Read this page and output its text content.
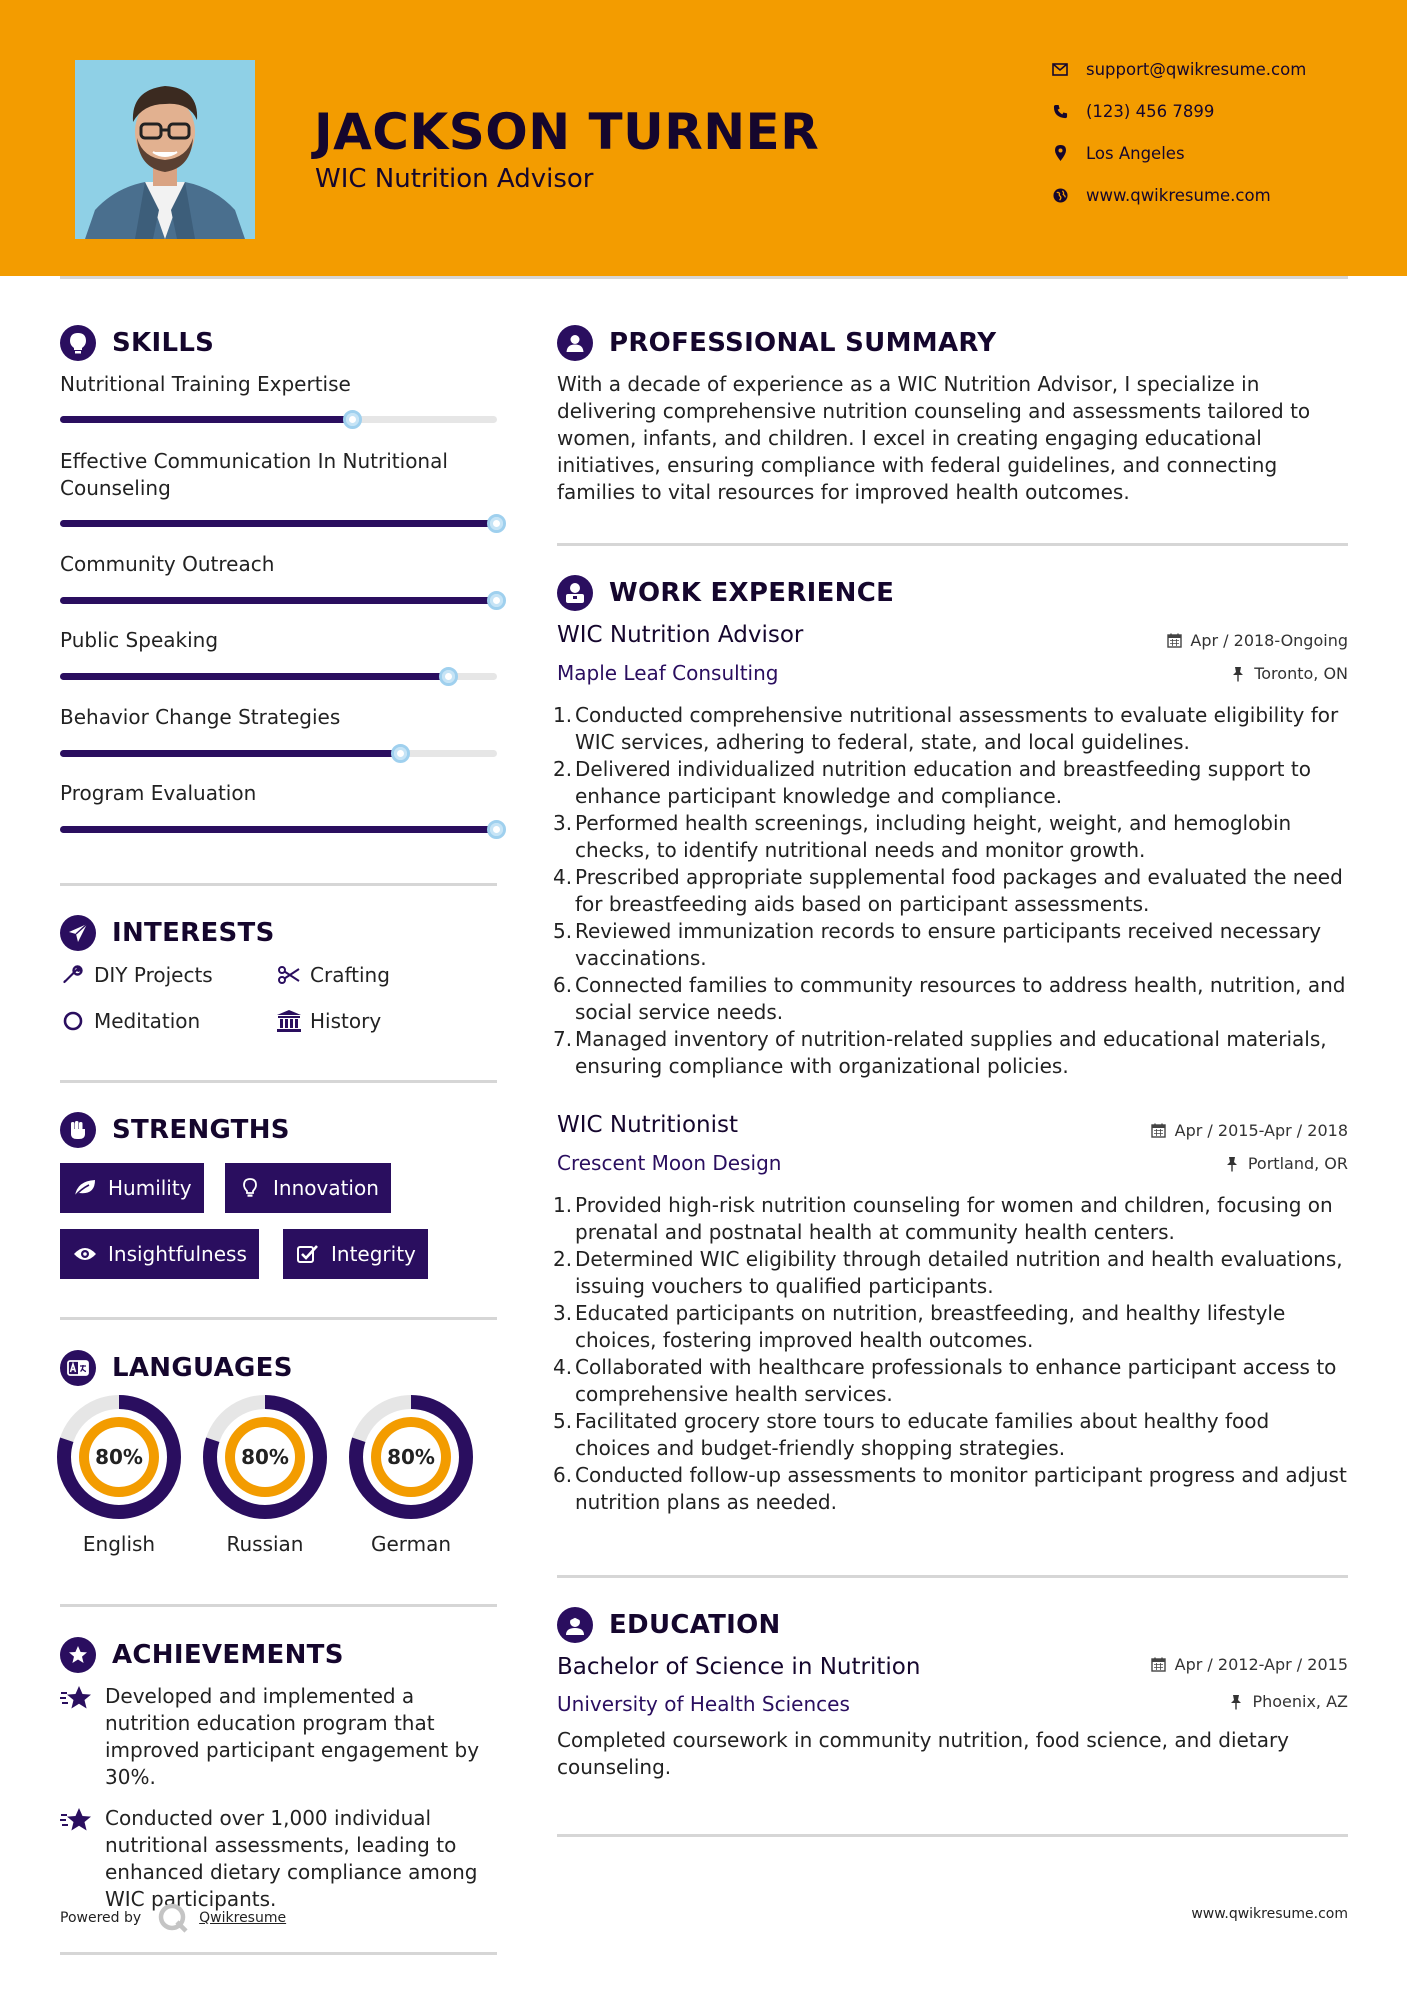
JACKSON TURNER
WIC Nutrition Advisor
support@qwikresume.com
(123) 456 7899
Los Angeles
www.qwikresume.com
SKILLS
Nutritional Training Expertise
Effective Communication In Nutritional Counseling
Community Outreach
Public Speaking
Behavior Change Strategies
Program Evaluation
INTERESTS
DIY Projects	Crafting
Meditation	History
STRENGTHS
Humility	Innovation
Insightfulness	Integrity
LANGUAGES
80%
English
80%
Russian
80%
German
ACHIEVEMENTS
Developed and implemented a nutrition education program that improved participant engagement by 30%.
Conducted over 1,000 individual nutritional assessments, leading to enhanced dietary compliance among WIC participants.
PROFESSIONAL SUMMARY
With a decade of experience as a WIC Nutrition Advisor, I specialize in delivering comprehensive nutrition counseling and assessments tailored to women, infants, and children. I excel in creating engaging educational initiatives, ensuring compliance with federal guidelines, and connecting families to vital resources for improved health outcomes.
WORK EXPERIENCE
WIC Nutrition Advisor	Apr / 2018-Ongoing
Maple Leaf Consulting	Toronto, ON
1. Conducted comprehensive nutritional assessments to evaluate eligibility for WIC services, adhering to federal, state, and local guidelines.
2. Delivered individualized nutrition education and breastfeeding support to enhance participant knowledge and compliance.
3. Performed health screenings, including height, weight, and hemoglobin checks, to identify nutritional needs and monitor growth.
4. Prescribed appropriate supplemental food packages and evaluated the need for breastfeeding aids based on participant assessments.
5. Reviewed immunization records to ensure participants received necessary vaccinations.
6. Connected families to community resources to address health, nutrition, and social service needs.
7. Managed inventory of nutrition-related supplies and educational materials, ensuring compliance with organizational policies.
WIC Nutritionist	Apr / 2015-Apr / 2018
Crescent Moon Design	Portland, OR
1. Provided high-risk nutrition counseling for women and children, focusing on prenatal and postnatal health at community health centers.
2. Determined WIC eligibility through detailed nutrition and health evaluations, issuing vouchers to qualified participants.
3. Educated participants on nutrition, breastfeeding, and healthy lifestyle choices, fostering improved health outcomes.
4. Collaborated with healthcare professionals to enhance participant access to comprehensive health services.
5. Facilitated grocery store tours to educate families about healthy food choices and budget-friendly shopping strategies.
6. Conducted follow-up assessments to monitor participant progress and adjust nutrition plans as needed.
EDUCATION
Bachelor of Science in Nutrition	Apr / 2012-Apr / 2015
University of Health Sciences	Phoenix, AZ
Completed coursework in community nutrition, food science, and dietary counseling.
Powered by	Qwikresume	www.qwikresume.com
